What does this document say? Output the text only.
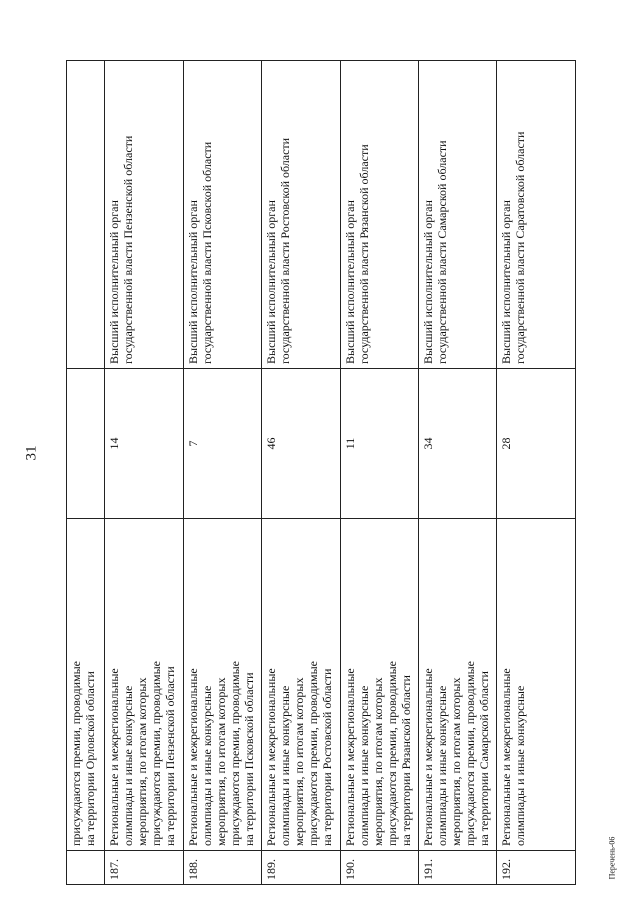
31
	присуждаются премии, проводимые
на территории Орловской области		
187.	Региональные и межрегиональные
олимпиады и иные конкурсные
мероприятия, по итогам которых
присуждаются премии, проводимые
на территории Пензенской области	14	Высший исполнительный орган
государственной власти Пензенской области
188.	Региональные и межрегиональные
олимпиады и иные конкурсные
мероприятия, по итогам которых
присуждаются премии, проводимые
на территории Псковской области	7	Высший исполнительный орган
государственной власти Псковской области
189.	Региональные и межрегиональные
олимпиады и иные конкурсные
мероприятия, по итогам которых
присуждаются премии, проводимые
на территории Ростовской области	46	Высший исполнительный орган
государственной власти Ростовской области
190.	Региональные и межрегиональные
олимпиады и иные конкурсные
мероприятия, по итогам которых
присуждаются премии, проводимые
на территории Рязанской области	11	Высший исполнительный орган
государственной власти Рязанской области
191.	Региональные и межрегиональные
олимпиады и иные конкурсные
мероприятия, по итогам которых
присуждаются премии, проводимые
на территории Самарской области	34	Высший исполнительный орган
государственной власти Самарской области
192.	Региональные и межрегиональные
олимпиады и иные конкурсные	28	Высший исполнительный орган
государственной власти Саратовской области
Перечень-06
